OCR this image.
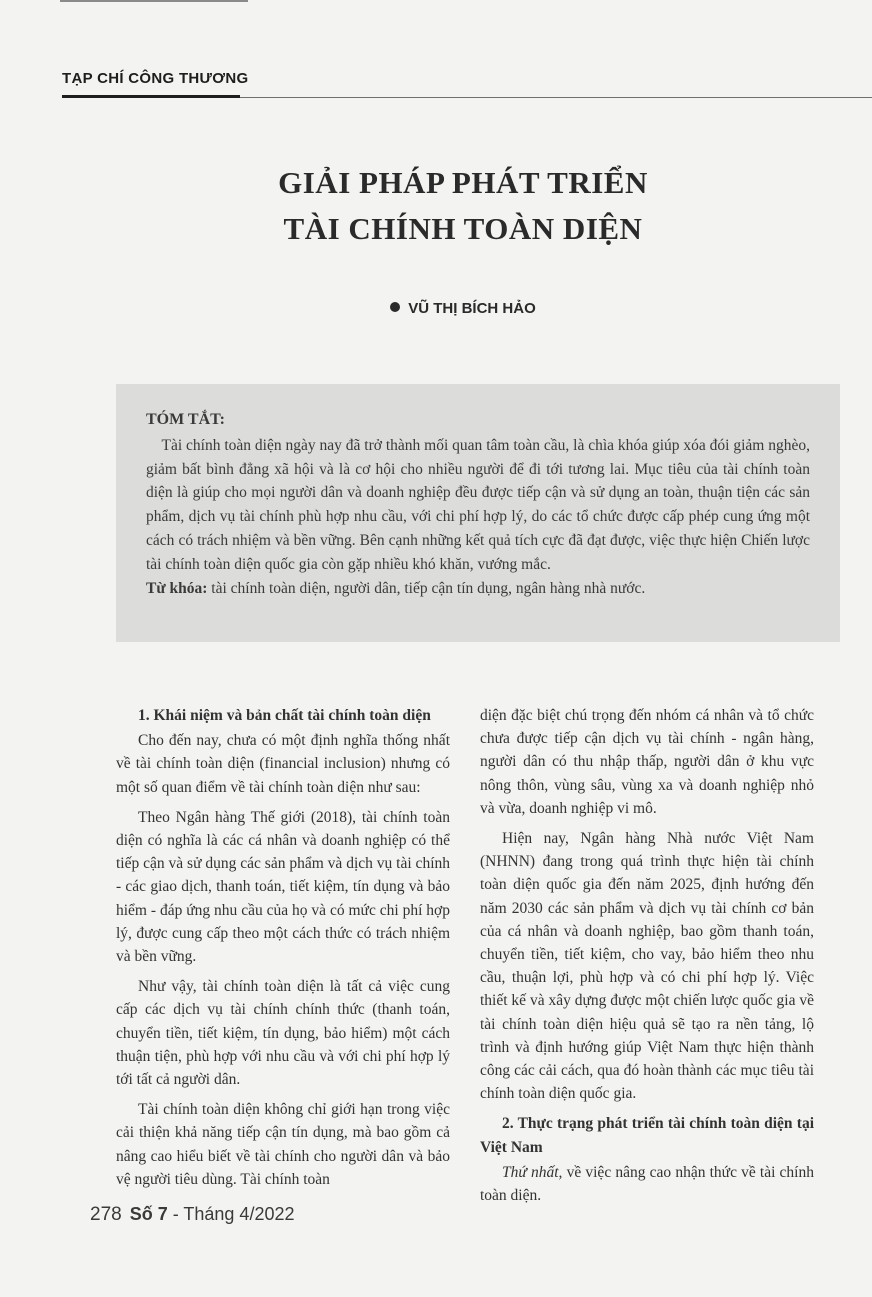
TẠP CHÍ CÔNG THƯƠNG
GIẢI PHÁP PHÁT TRIỂN
TÀI CHÍNH TOÀN DIỆN
VŨ THỊ BÍCH HẢO
TÓM TẮT:
 Tài chính toàn diện ngày nay đã trở thành mối quan tâm toàn cầu, là chìa khóa giúp xóa đói giảm nghèo, giảm bất bình đẳng xã hội và là cơ hội cho nhiều người để đi tới tương lai. Mục tiêu của tài chính toàn diện là giúp cho mọi người dân và doanh nghiệp đều được tiếp cận và sử dụng an toàn, thuận tiện các sản phẩm, dịch vụ tài chính phù hợp nhu cầu, với chi phí hợp lý, do các tổ chức được cấp phép cung ứng một cách có trách nhiệm và bền vững. Bên cạnh những kết quả tích cực đã đạt được, việc thực hiện Chiến lược tài chính toàn diện quốc gia còn gặp nhiều khó khăn, vướng mắc.
Từ khóa: tài chính toàn diện, người dân, tiếp cận tín dụng, ngân hàng nhà nước.
1. Khái niệm và bản chất tài chính toàn diện

Cho đến nay, chưa có một định nghĩa thống nhất về tài chính toàn diện (financial inclusion) nhưng có một số quan điểm về tài chính toàn diện như sau:

Theo Ngân hàng Thế giới (2018), tài chính toàn diện có nghĩa là các cá nhân và doanh nghiệp có thể tiếp cận và sử dụng các sản phẩm và dịch vụ tài chính - các giao dịch, thanh toán, tiết kiệm, tín dụng và bảo hiểm - đáp ứng nhu cầu của họ và có mức chi phí hợp lý, được cung cấp theo một cách thức có trách nhiệm và bền vững.

Như vậy, tài chính toàn diện là tất cả việc cung cấp các dịch vụ tài chính chính thức (thanh toán, chuyển tiền, tiết kiệm, tín dụng, bảo hiểm) một cách thuận tiện, phù hợp với nhu cầu và với chi phí hợp lý tới tất cả người dân.

Tài chính toàn diện không chỉ giới hạn trong việc cải thiện khả năng tiếp cận tín dụng, mà bao gồm cả nâng cao hiểu biết về tài chính cho người dân và bảo vệ người tiêu dùng. Tài chính toàn

diện đặc biệt chú trọng đến nhóm cá nhân và tổ chức chưa được tiếp cận dịch vụ tài chính - ngân hàng, người dân có thu nhập thấp, người dân ở khu vực nông thôn, vùng sâu, vùng xa và doanh nghiệp nhỏ và vừa, doanh nghiệp vi mô.

Hiện nay, Ngân hàng Nhà nước Việt Nam (NHNN) đang trong quá trình thực hiện tài chính toàn diện quốc gia đến năm 2025, định hướng đến năm 2030 các sản phẩm và dịch vụ tài chính cơ bản của cá nhân và doanh nghiệp, bao gồm thanh toán, chuyển tiền, tiết kiệm, cho vay, bảo hiểm theo nhu cầu, thuận lợi, phù hợp và có chi phí hợp lý. Việc thiết kế và xây dựng được một chiến lược quốc gia về tài chính toàn diện hiệu quả sẽ tạo ra nền tảng, lộ trình và định hướng giúp Việt Nam thực hiện thành công các cải cách, qua đó hoàn thành các mục tiêu tài chính toàn diện quốc gia.

2. Thực trạng phát triển tài chính toàn diện tại Việt Nam

Thứ nhất, về việc nâng cao nhận thức về tài chính toàn diện.

278 Số 7 - Tháng 4/2022
